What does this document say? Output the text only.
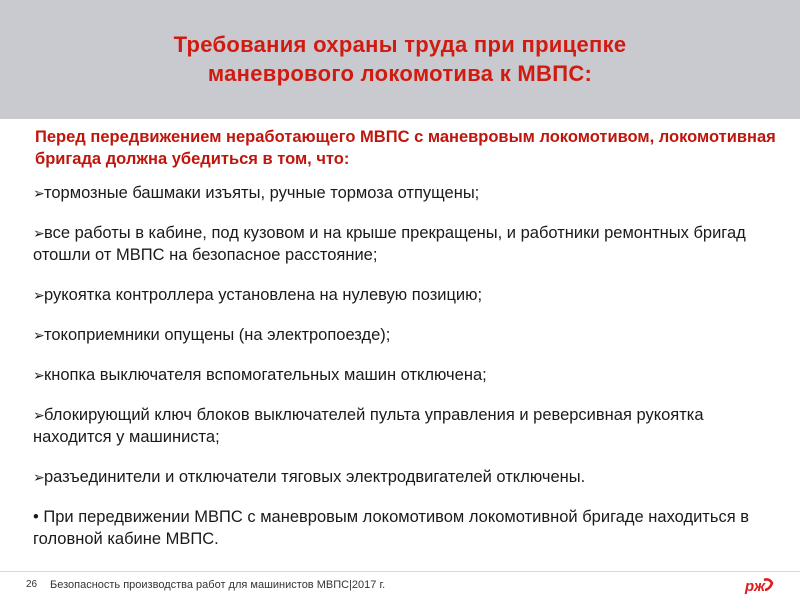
Требования охраны труда при прицепке
маневрового локомотива к МВПС:

Перед передвижением неработающего МВПС с маневровым локомотивом, локомотивная бригада должна убедиться в том, что:

➢тормозные башмаки изъяты, ручные тормоза отпущены;
➢все работы в кабине, под кузовом и на крыше прекращены, и работники ремонтных бригад отошли от МВПС на безопасное расстояние;
➢рукоятка контроллера установлена на нулевую позицию;
➢токоприемники опущены (на электропоезде);
➢кнопка выключателя вспомогательных машин отключена;
➢блокирующий ключ блоков выключателей пульта управления и реверсивная рукоятка находится у машиниста;
➢разъединители и отключатели тяговых электродвигателей отключены.

• При передвижении МВПС с маневровым локомотивом локомотивной бригаде находиться в головной кабине МВПС.

26 Безопасность производства работ для машинистов МВПС|2017 г.	рж
